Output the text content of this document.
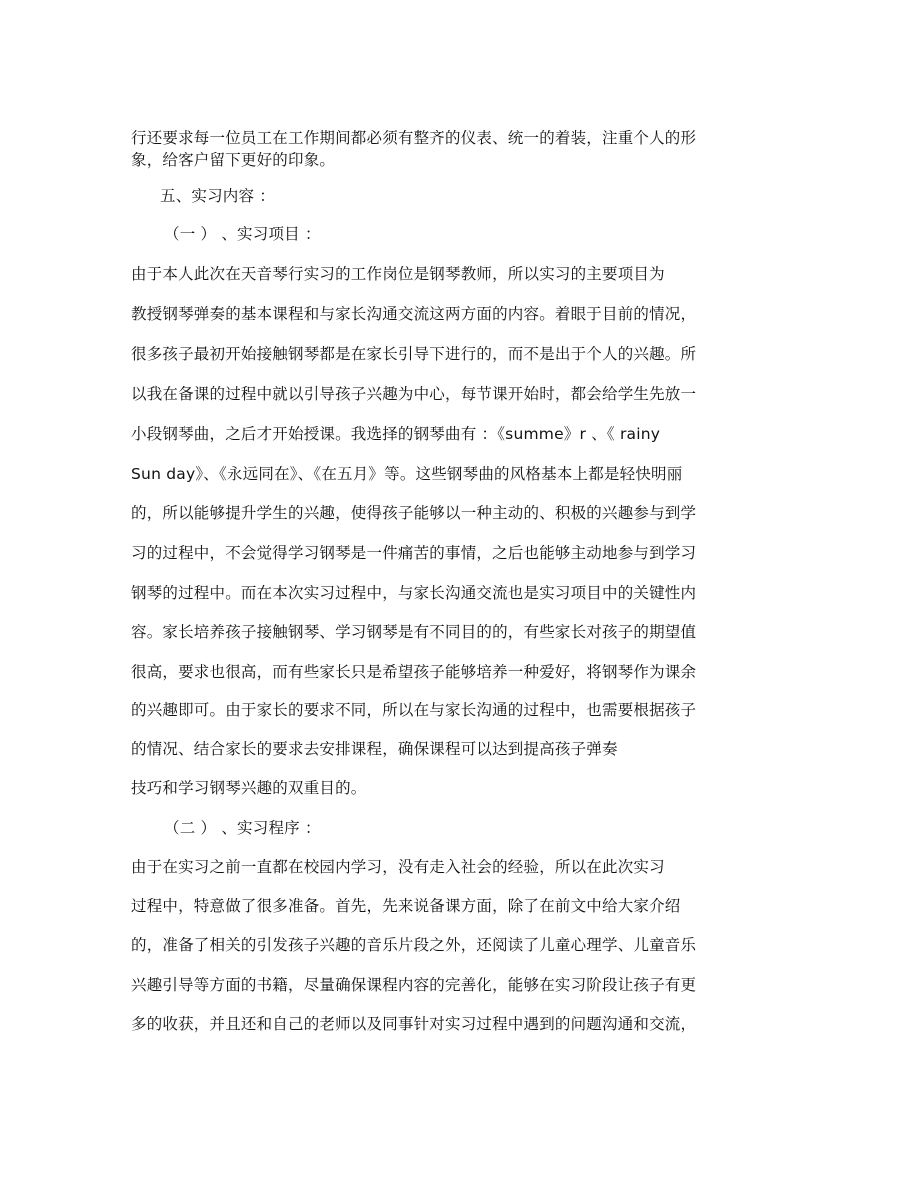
行还要求每一位员工在工作期间都必须有整齐的仪表、统一的着装，注重个人的形
象，给客户留下更好的印象。
五、实习内容 ：
（一 ） 、实习项目 ：
由于本人此次在天音琴行实习的工作岗位是钢琴教师，所以实习的主要项目为
教授钢琴弹奏的基本课程和与家长沟通交流这两方面的内容。着眼于目前的情况，
很多孩子最初开始接触钢琴都是在家长引导下进行的，而不是出于个人的兴趣。所
以我在备课的过程中就以引导孩子兴趣为中心，每节课开始时，都会给学生先放一
小段钢琴曲，之后才开始授课。我选择的钢琴曲有 ：《summe》r 、《 rainy
Sun day》、《永远同在》、《在五月》等。这些钢琴曲的风格基本上都是轻快明丽
的，所以能够提升学生的兴趣，使得孩子能够以一种主动的、积极的兴趣参与到学
习的过程中，不会觉得学习钢琴是一件痛苦的事情，之后也能够主动地参与到学习
钢琴的过程中。而在本次实习过程中，与家长沟通交流也是实习项目中的关键性内
容。家长培养孩子接触钢琴、学习钢琴是有不同目的的，有些家长对孩子的期望值
很高，要求也很高，而有些家长只是希望孩子能够培养一种爱好，将钢琴作为课余
的兴趣即可。由于家长的要求不同，所以在与家长沟通的过程中，也需要根据孩子
的情况、结合家长的要求去安排课程，确保课程可以达到提高孩子弹奏
技巧和学习钢琴兴趣的双重目的。
（二 ） 、实习程序 ：
由于在实习之前一直都在校园内学习，没有走入社会的经验，所以在此次实习
过程中，特意做了很多准备。首先，先来说备课方面，除了在前文中给大家介绍
的，准备了相关的引发孩子兴趣的音乐片段之外，还阅读了儿童心理学、儿童音乐
兴趣引导等方面的书籍，尽量确保课程内容的完善化，能够在实习阶段让孩子有更
多的收获，并且还和自己的老师以及同事针对实习过程中遇到的问题沟通和交流，
